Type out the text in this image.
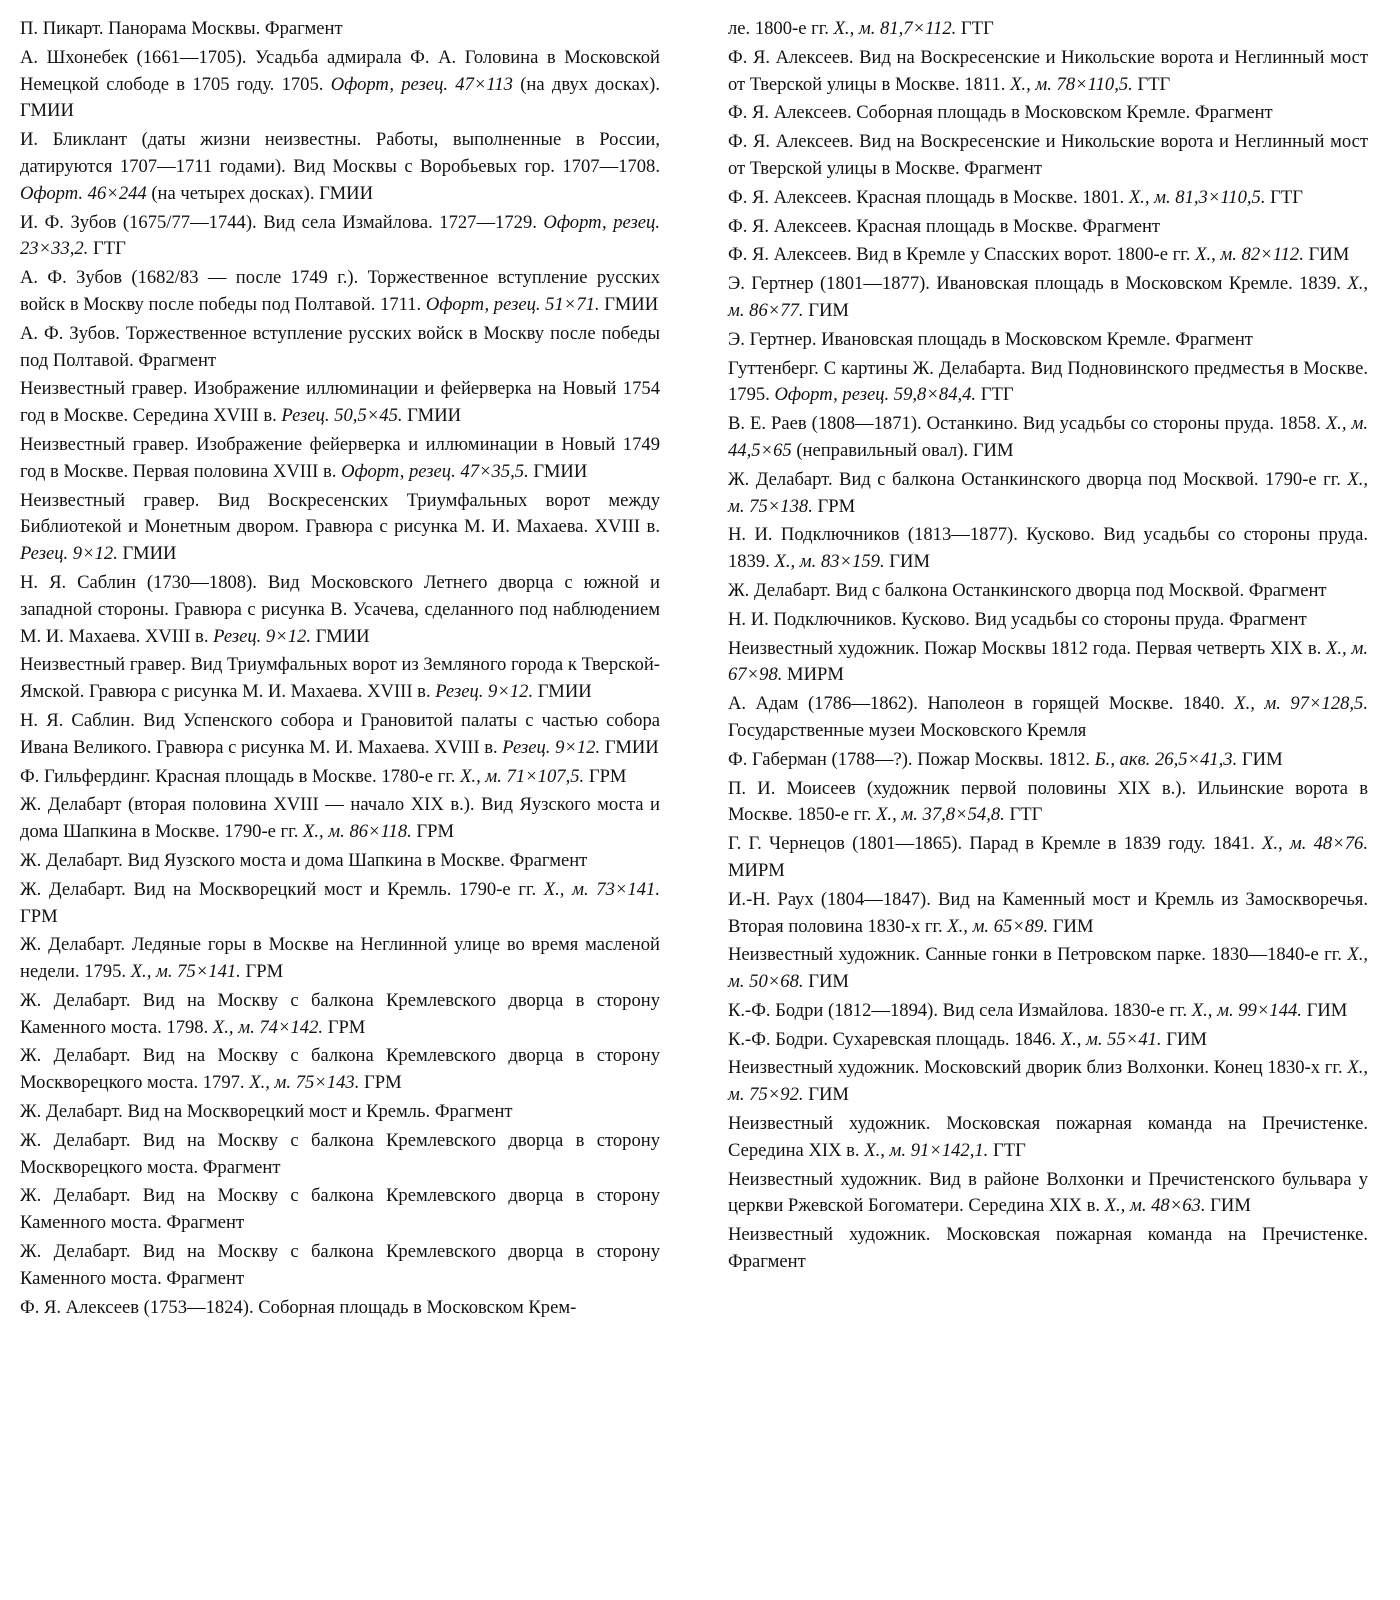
П. Пикарт. Панорама Москвы. Фрагмент

А. Шхонебек (1661—1705). Усадьба адмирала Ф. А. Головина в Московской Немецкой слободе в 1705 году. 1705. Офорт, резец. 47×113 (на двух досках). ГМИИ

И. Бликлант (даты жизни неизвестны. Работы, выполненные в России, датируются 1707—1711 годами). Вид Москвы с Воробьевых гор. 1707—1708. Офорт. 46×244 (на четырех досках). ГМИИ

И. Ф. Зубов (1675/77—1744). Вид села Измайлова. 1727—1729. Офорт, резец. 23×33,2. ГТГ

А. Ф. Зубов (1682/83 — после 1749 г.). Торжественное вступление русских войск в Москву после победы под Полтавой. 1711. Офорт, резец. 51×71. ГМИИ

А. Ф. Зубов. Торжественное вступление русских войск в Москву после победы под Полтавой. Фрагмент

Неизвестный гравер. Изображение иллюминации и фейерверка на Новый 1754 год в Москве. Середина XVIII в. Резец. 50,5×45. ГМИИ

Неизвестный гравер. Изображение фейерверка и иллюминации в Новый 1749 год в Москве. Первая половина XVIII в. Офорт, резец. 47×35,5. ГМИИ

Неизвестный гравер. Вид Воскресенских Триумфальных ворот между Библиотекой и Монетным двором. Гравюра с рисунка М. И. Махаева. XVIII в. Резец. 9×12. ГМИИ

Н. Я. Саблин (1730—1808). Вид Московского Летнего дворца с южной и западной стороны. Гравюра с рисунка В. Усачева, сделанного под наблюдением М. И. Махаева. XVIII в. Резец. 9×12. ГМИИ

Неизвестный гравер. Вид Триумфальных ворот из Земляного города к Тверской-Ямской. Гравюра с рисунка М. И. Махаева. XVIII в. Резец. 9×12. ГМИИ

Н. Я. Саблин. Вид Успенского собора и Грановитой палаты с частью собора Ивана Великого. Гравюра с рисунка М. И. Махаева. XVIII в. Резец. 9×12. ГМИИ

Ф. Гильфердинг. Красная площадь в Москве. 1780-е гг. X., м. 71×107,5. ГРМ

Ж. Делабарт (вторая половина XVIII — начало XIX в.). Вид Яузского моста и дома Шапкина в Москве. 1790-е гг. X., м. 86×118. ГРМ

Ж. Делабарт. Вид Яузского моста и дома Шапкина в Москве. Фрагмент

Ж. Делабарт. Вид на Москворецкий мост и Кремль. 1790-е гг. X., м. 73×141. ГРМ

Ж. Делабарт. Ледяные горы в Москве на Неглинной улице во время масленой недели. 1795. X., м. 75×141. ГРМ

Ж. Делабарт. Вид на Москву с балкона Кремлевского дворца в сторону Каменного моста. 1798. X., м. 74×142. ГРМ

Ж. Делабарт. Вид на Москву с балкона Кремлевского дворца в сторону Москворецкого моста. 1797. X., м. 75×143. ГРМ

Ж. Делабарт. Вид на Москворецкий мост и Кремль. Фрагмент

Ж. Делабарт. Вид на Москву с балкона Кремлевского дворца в сторону Москворецкого моста. Фрагмент

Ж. Делабарт. Вид на Москву с балкона Кремлевского дворца в сторону Каменного моста. Фрагмент

Ж. Делабарт. Вид на Москву с балкона Кремлевского дворца в сторону Каменного моста. Фрагмент

Ф. Я. Алексеев (1753—1824). Соборная площадь в Московском Крем-

ле. 1800-е гг. X., м. 81,7×112. ГТГ

Ф. Я. Алексеев. Вид на Воскресенские и Никольские ворота и Неглинный мост от Тверской улицы в Москве. 1811. X., м. 78×110,5. ГТГ

Ф. Я. Алексеев. Соборная площадь в Московском Кремле. Фрагмент

Ф. Я. Алексеев. Вид на Воскресенские и Никольские ворота и Неглинный мост от Тверской улицы в Москве. Фрагмент

Ф. Я. Алексеев. Красная площадь в Москве. 1801. X., м. 81,3×110,5. ГТГ

Ф. Я. Алексеев. Красная площадь в Москве. Фрагмент

Ф. Я. Алексеев. Вид в Кремле у Спасских ворот. 1800-е гг. X., м. 82×112. ГИМ

Э. Гертнер (1801—1877). Ивановская площадь в Московском Кремле. 1839. X., м. 86×77. ГИМ

Э. Гертнер. Ивановская площадь в Московском Кремле. Фрагмент

Гуттенберг. С картины Ж. Делабарта. Вид Подновинского предместья в Москве. 1795. Офорт, резец. 59,8×84,4. ГТГ

В. Е. Раев (1808—1871). Останкино. Вид усадьбы со стороны пруда. 1858. X., м. 44,5×65 (неправильный овал). ГИМ

Ж. Делабарт. Вид с балкона Останкинского дворца под Москвой. 1790-е гг. X., м. 75×138. ГРМ

Н. И. Подключников (1813—1877). Кусково. Вид усадьбы со стороны пруда. 1839. X., м. 83×159. ГИМ

Ж. Делабарт. Вид с балкона Останкинского дворца под Москвой. Фрагмент

Н. И. Подключников. Кусково. Вид усадьбы со стороны пруда. Фрагмент

Неизвестный художник. Пожар Москвы 1812 года. Первая четверть XIX в. X., м. 67×98. МИРМ

А. Адам (1786—1862). Наполеон в горящей Москве. 1840. X., м. 97×128,5. Государственные музеи Московского Кремля

Ф. Габерман (1788—?). Пожар Москвы. 1812. Б., акв. 26,5×41,3. ГИМ

П. И. Моисеев (художник первой половины XIX в.). Ильинские ворота в Москве. 1850-е гг. X., м. 37,8×54,8. ГТГ

Г. Г. Чернецов (1801—1865). Парад в Кремле в 1839 году. 1841. X., м. 48×76. МИРМ

И.-Н. Раух (1804—1847). Вид на Каменный мост и Кремль из Замоскворечья. Вторая половина 1830-х гг. X., м. 65×89. ГИМ

Неизвестный художник. Санные гонки в Петровском парке. 1830—1840-е гг. X., м. 50×68. ГИМ

К.-Ф. Бодри (1812—1894). Вид села Измайлова. 1830-е гг. X., м. 99×144. ГИМ

К.-Ф. Бодри. Сухаревская площадь. 1846. X., м. 55×41. ГИМ

Неизвестный художник. Московский дворик близ Волхонки. Конец 1830-х гг. X., м. 75×92. ГИМ

Неизвестный художник. Московская пожарная команда на Пречистенке. Середина XIX в. X., м. 91×142,1. ГТГ

Неизвестный художник. Вид в районе Волхонки и Пречистенского бульвара у церкви Ржевской Богоматери. Середина XIX в. X., м. 48×63. ГИМ

Неизвестный художник. Московская пожарная команда на Пречистенке. Фрагмент
